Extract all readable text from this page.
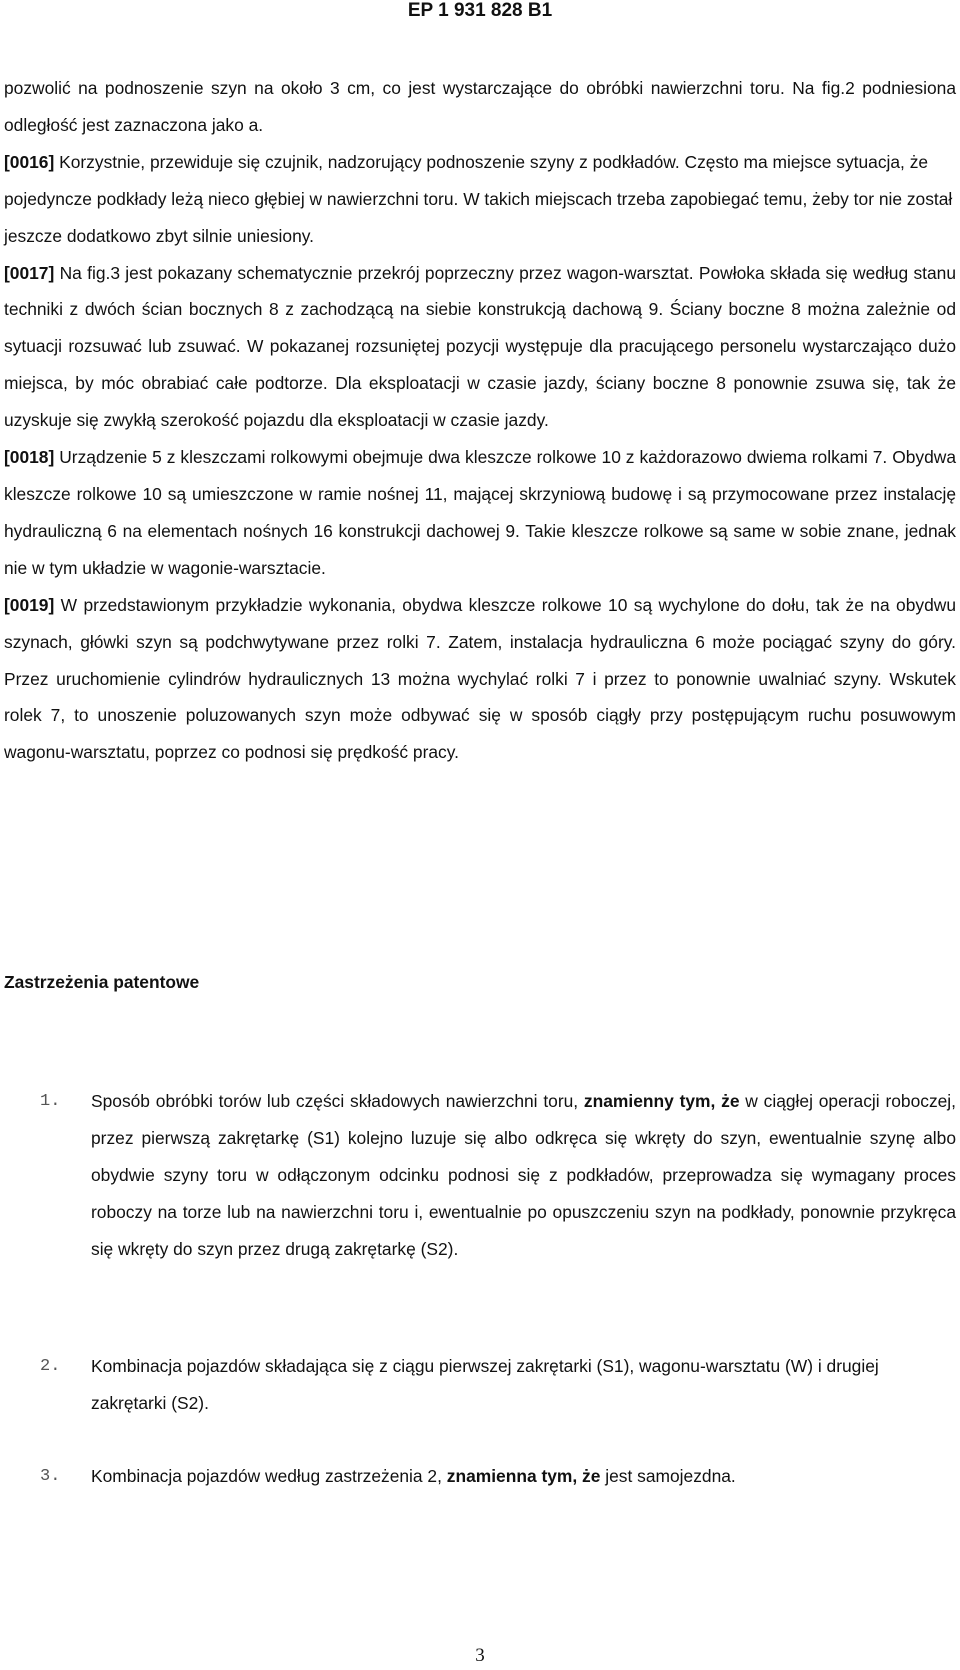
EP 1 931 828 B1

pozwolić na podnoszenie szyn na około 3 cm, co jest wystarczające do obróbki nawierzchni toru. Na fig.2 podniesiona odległość jest zaznaczona jako a.

[0016] Korzystnie, przewiduje się czujnik, nadzorujący podnoszenie szyny z podkładów. Często ma miejsce sytuacja, że pojedyncze podkłady leżą nieco głębiej w nawierzchni toru. W takich miejscach trzeba zapobiegać temu, żeby tor nie został jeszcze dodatkowo zbyt silnie uniesiony.

[0017] Na fig.3 jest pokazany schematycznie przekrój poprzeczny przez wagon-warsztat. Powłoka składa się według stanu techniki z dwóch ścian bocznych 8 z zachodzącą na siebie konstrukcją dachową 9. Ściany boczne 8 można zależnie od sytuacji rozsuwać lub zsuwać. W pokazanej rozsuniętej pozycji występuje dla pracującego personelu wystarczająco dużo miejsca, by móc obrabiać całe podtorze. Dla eksploatacji w czasie jazdy, ściany boczne 8 ponownie zsuwa się, tak że uzyskuje się zwykłą szerokość pojazdu dla eksploatacji w czasie jazdy.

[0018] Urządzenie 5 z kleszczami rolkowymi obejmuje dwa kleszcze rolkowe 10 z każdorazowo dwiema rolkami 7. Obydwa kleszcze rolkowe 10 są umieszczone w ramie nośnej 11, mającej skrzyniową budowę i są przymocowane przez instalację hydrauliczną 6 na elementach nośnych 16 konstrukcji dachowej 9. Takie kleszcze rolkowe są same w sobie znane, jednak nie w tym układzie w wagonie-warsztacie.

[0019] W przedstawionym przykładzie wykonania, obydwa kleszcze rolkowe 10 są wychylone do dołu, tak że na obydwu szynach, główki szyn są podchwytywane przez rolki 7. Zatem, instalacja hydrauliczna 6 może pociągać szyny do góry. Przez uruchomienie cylindrów hydraulicznych 13 można wychylać rolki 7 i przez to ponownie uwalniać szyny. Wskutek rolek 7, to unoszenie poluzowanych szyn może odbywać się w sposób ciągły przy postępującym ruchu posuwowym wagonu-warsztatu, poprzez co podnosi się prędkość pracy.

Zastrzeżenia patentowe
1. Sposób obróbki torów lub części składowych nawierzchni toru, znamienny tym, że w ciągłej operacji roboczej, przez pierwszą zakrętarkę (S1) kolejno luzuje się albo odkręca się wkręty do szyn, ewentualnie szynę albo obydwie szyny toru w odłączonym odcinku podnosi się z podkładów, przeprowadza się wymagany proces roboczy na torze lub na nawierzchni toru i, ewentualnie po opuszczeniu szyn na podkłady, ponownie przykręca się wkręty do szyn przez drugą zakrętarkę (S2).

2. Kombinacja pojazdów składająca się z ciągu pierwszej zakrętarki (S1), wagonu-warsztatu (W) i drugiej zakrętarki (S2).

3. Kombinacja pojazdów według zastrzeżenia 2, znamienna tym, że jest samojezdna.

3
